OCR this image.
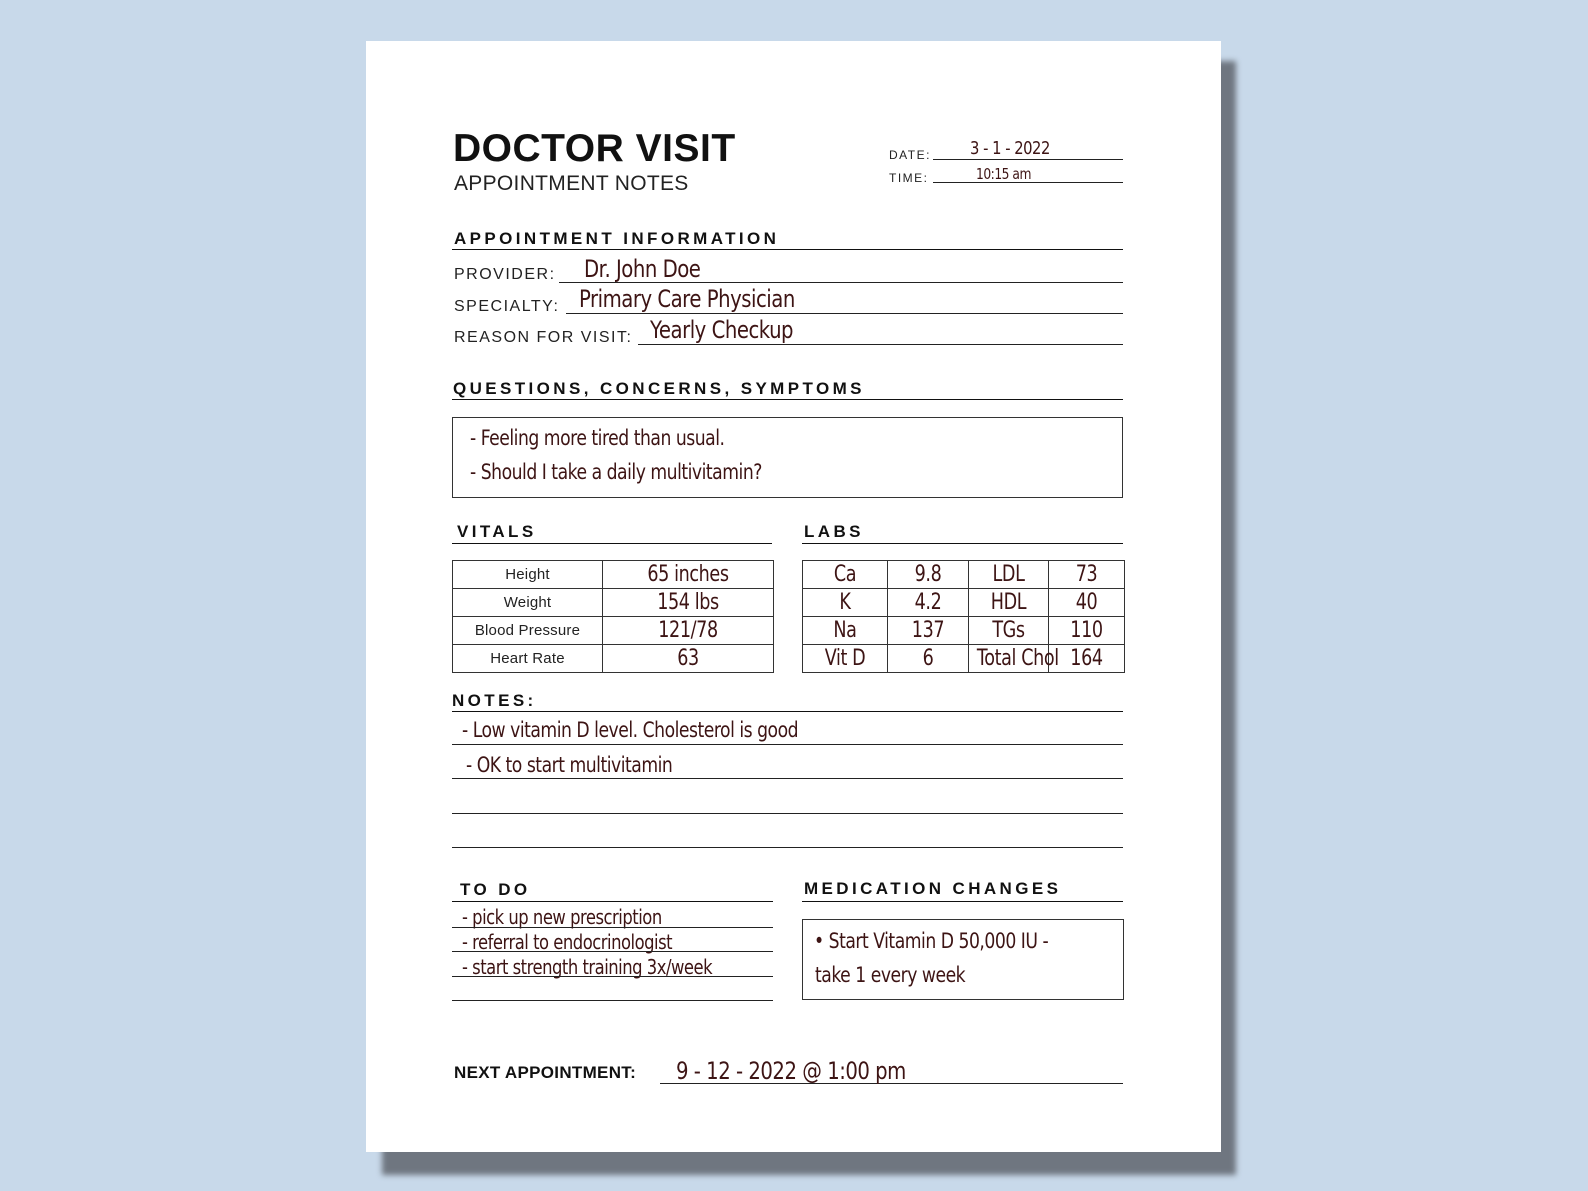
DOCTOR VISIT
APPOINTMENT NOTES
DATE: 3 - 1 - 2022
TIME:	10:15 am
APPOINTMENT INFORMATION
PROVIDER: Dr. John Doe
SPECIALTY: Primary Care Physician
REASON FOR VISIT: Yearly Checkup
QUESTIONS, CONCERNS, SYMPTOMS
- Feeling more tired than usual.
- Should I take a daily multivitamin?
VITALS
Height	65 inches

Weight	154 lbs

Blood Pressure	121/78

Heart Rate	63
LABS
Ca	9.8	LDL	73

K	4.2	HDL	40

Na	137	TGs	110

Vit D	6	Total Chol	164
NOTES:
- Low vitamin D level. Cholesterol is good
- OK to start multivitamin
TO DO
- pick up new prescription
- referral to endocrinologist
- start strength training 3x/week
MEDICATION CHANGES
• Start Vitamin D 50,000 IU -
take 1 every week
NEXT APPOINTMENT: 9 - 12 - 2022 @ 1:00 pm
